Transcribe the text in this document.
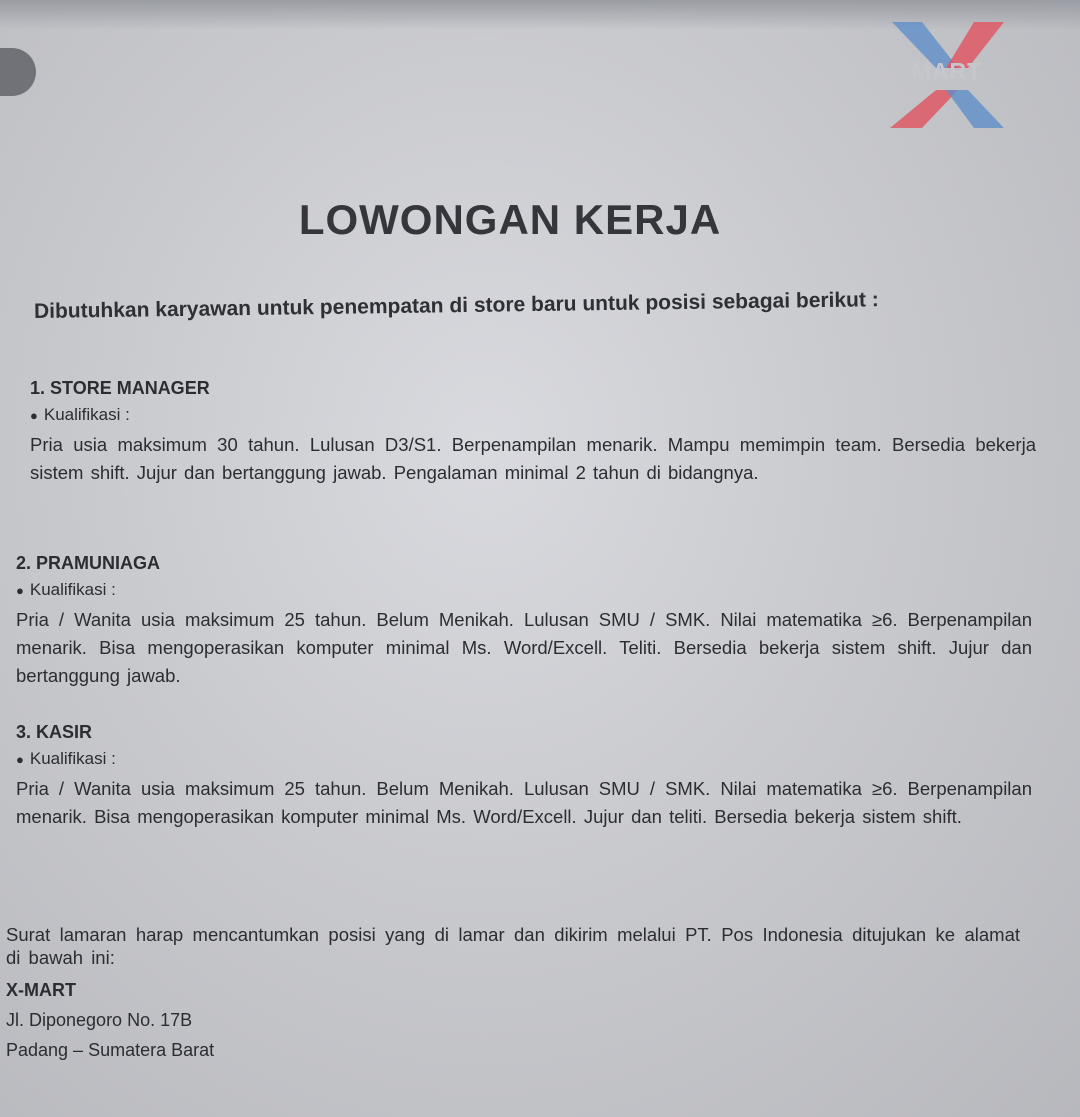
MART
LOWONGAN KERJA
Dibutuhkan karyawan untuk penempatan di store baru untuk posisi sebagai berikut :
1. STORE MANAGER
● Kualifikasi :

Pria usia maksimum 30 tahun. Lulusan D3/S1. Berpenampilan menarik. Mampu memimpin team. Bersedia bekerja sistem shift. Jujur dan bertanggung jawab. Pengalaman minimal 2 tahun di bidangnya.

2. PRAMUNIAGA
● Kualifikasi :

Pria / Wanita usia maksimum 25 tahun. Belum Menikah. Lulusan SMU / SMK. Nilai matematika ≥6. Berpenampilan menarik. Bisa mengoperasikan komputer minimal Ms. Word/Excell. Teliti. Bersedia bekerja sistem shift. Jujur dan bertanggung jawab.

3. KASIR
● Kualifikasi :

Pria / Wanita usia maksimum 25 tahun. Belum Menikah. Lulusan SMU / SMK. Nilai matematika ≥6. Berpenampilan menarik. Bisa mengoperasikan komputer minimal Ms. Word/Excell. Jujur dan teliti. Bersedia bekerja sistem shift.

Surat lamaran harap mencantumkan posisi yang di lamar dan dikirim melalui PT. Pos Indonesia ditujukan ke alamat di bawah ini:

X-MART
Jl. Diponegoro No. 17B
Padang – Sumatera Barat
